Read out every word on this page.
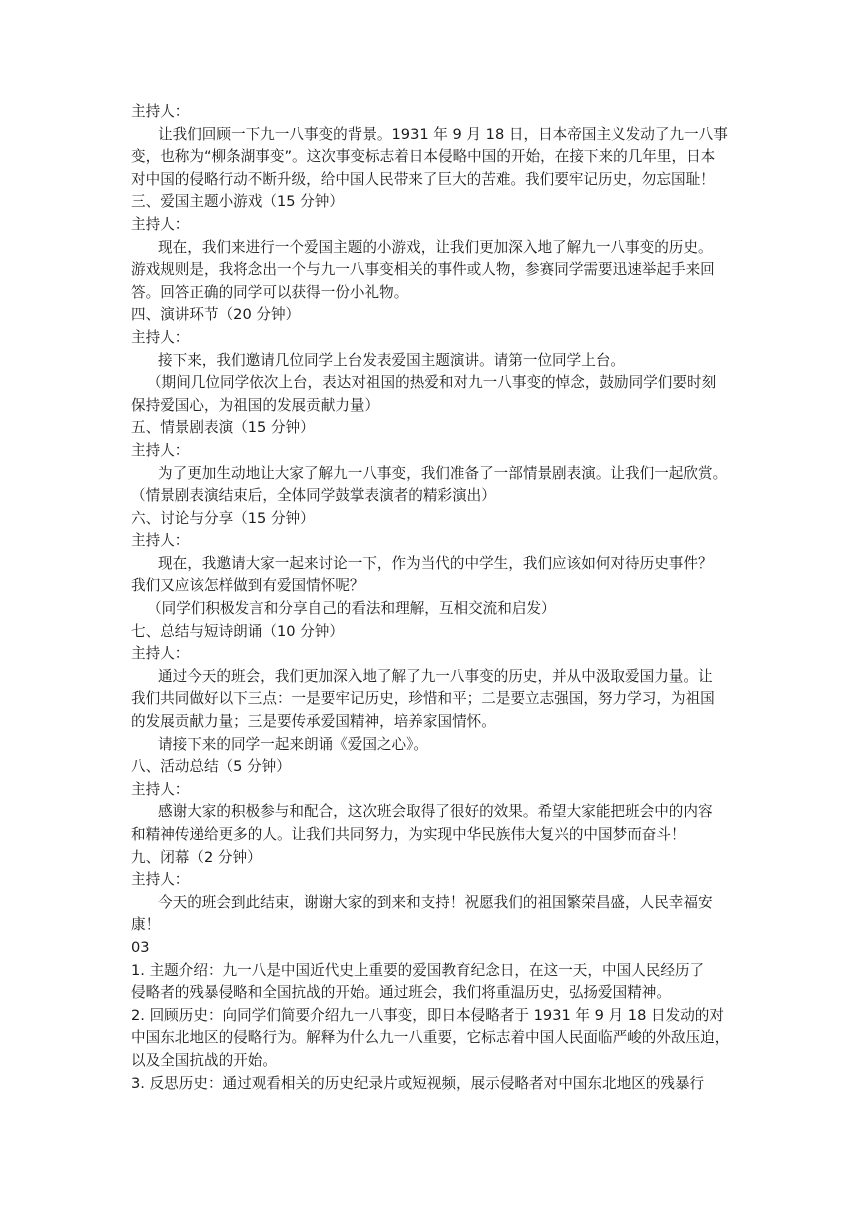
主持人：
让我们回顾一下九一八事变的背景。1931 年 9 月 18 日，日本帝国主义发动了九一八事
变，也称为“柳条湖事变”。这次事变标志着日本侵略中国的开始，在接下来的几年里，日本
对中国的侵略行动不断升级，给中国人民带来了巨大的苦难。我们要牢记历史，勿忘国耻！
三、爱国主题小游戏（15 分钟）
主持人：
现在，我们来进行一个爱国主题的小游戏，让我们更加深入地了解九一八事变的历史。
游戏规则是，我将念出一个与九一八事变相关的事件或人物，参赛同学需要迅速举起手来回
答。回答正确的同学可以获得一份小礼物。
四、演讲环节（20 分钟）
主持人：
接下来，我们邀请几位同学上台发表爱国主题演讲。请第一位同学上台。
（期间几位同学依次上台，表达对祖国的热爱和对九一八事变的悼念，鼓励同学们要时刻
保持爱国心，为祖国的发展贡献力量）
五、情景剧表演（15 分钟）
主持人：
为了更加生动地让大家了解九一八事变，我们准备了一部情景剧表演。让我们一起欣赏。
（情景剧表演结束后，全体同学鼓掌表演者的精彩演出）
六、讨论与分享（15 分钟）
主持人：
现在，我邀请大家一起来讨论一下，作为当代的中学生，我们应该如何对待历史事件？
我们又应该怎样做到有爱国情怀呢？
（同学们积极发言和分享自己的看法和理解，互相交流和启发）
七、总结与短诗朗诵（10 分钟）
主持人：
通过今天的班会，我们更加深入地了解了九一八事变的历史，并从中汲取爱国力量。让
我们共同做好以下三点：一是要牢记历史，珍惜和平；二是要立志强国，努力学习，为祖国
的发展贡献力量；三是要传承爱国精神，培养家国情怀。
请接下来的同学一起来朗诵《爱国之心》。
八、活动总结（5 分钟）
主持人：
感谢大家的积极参与和配合，这次班会取得了很好的效果。希望大家能把班会中的内容
和精神传递给更多的人。让我们共同努力，为实现中华民族伟大复兴的中国梦而奋斗！
九、闭幕（2 分钟）
主持人：
今天的班会到此结束，谢谢大家的到来和支持！祝愿我们的祖国繁荣昌盛，人民幸福安
康！
03
1. 主题介绍：九一八是中国近代史上重要的爱国教育纪念日，在这一天，中国人民经历了
侵略者的残暴侵略和全国抗战的开始。通过班会，我们将重温历史，弘扬爱国精神。
2. 回顾历史：向同学们简要介绍九一八事变，即日本侵略者于 1931 年 9 月 18 日发动的对
中国东北地区的侵略行为。解释为什么九一八重要，它标志着中国人民面临严峻的外敌压迫，
以及全国抗战的开始。
3. 反思历史：通过观看相关的历史纪录片或短视频，展示侵略者对中国东北地区的残暴行
